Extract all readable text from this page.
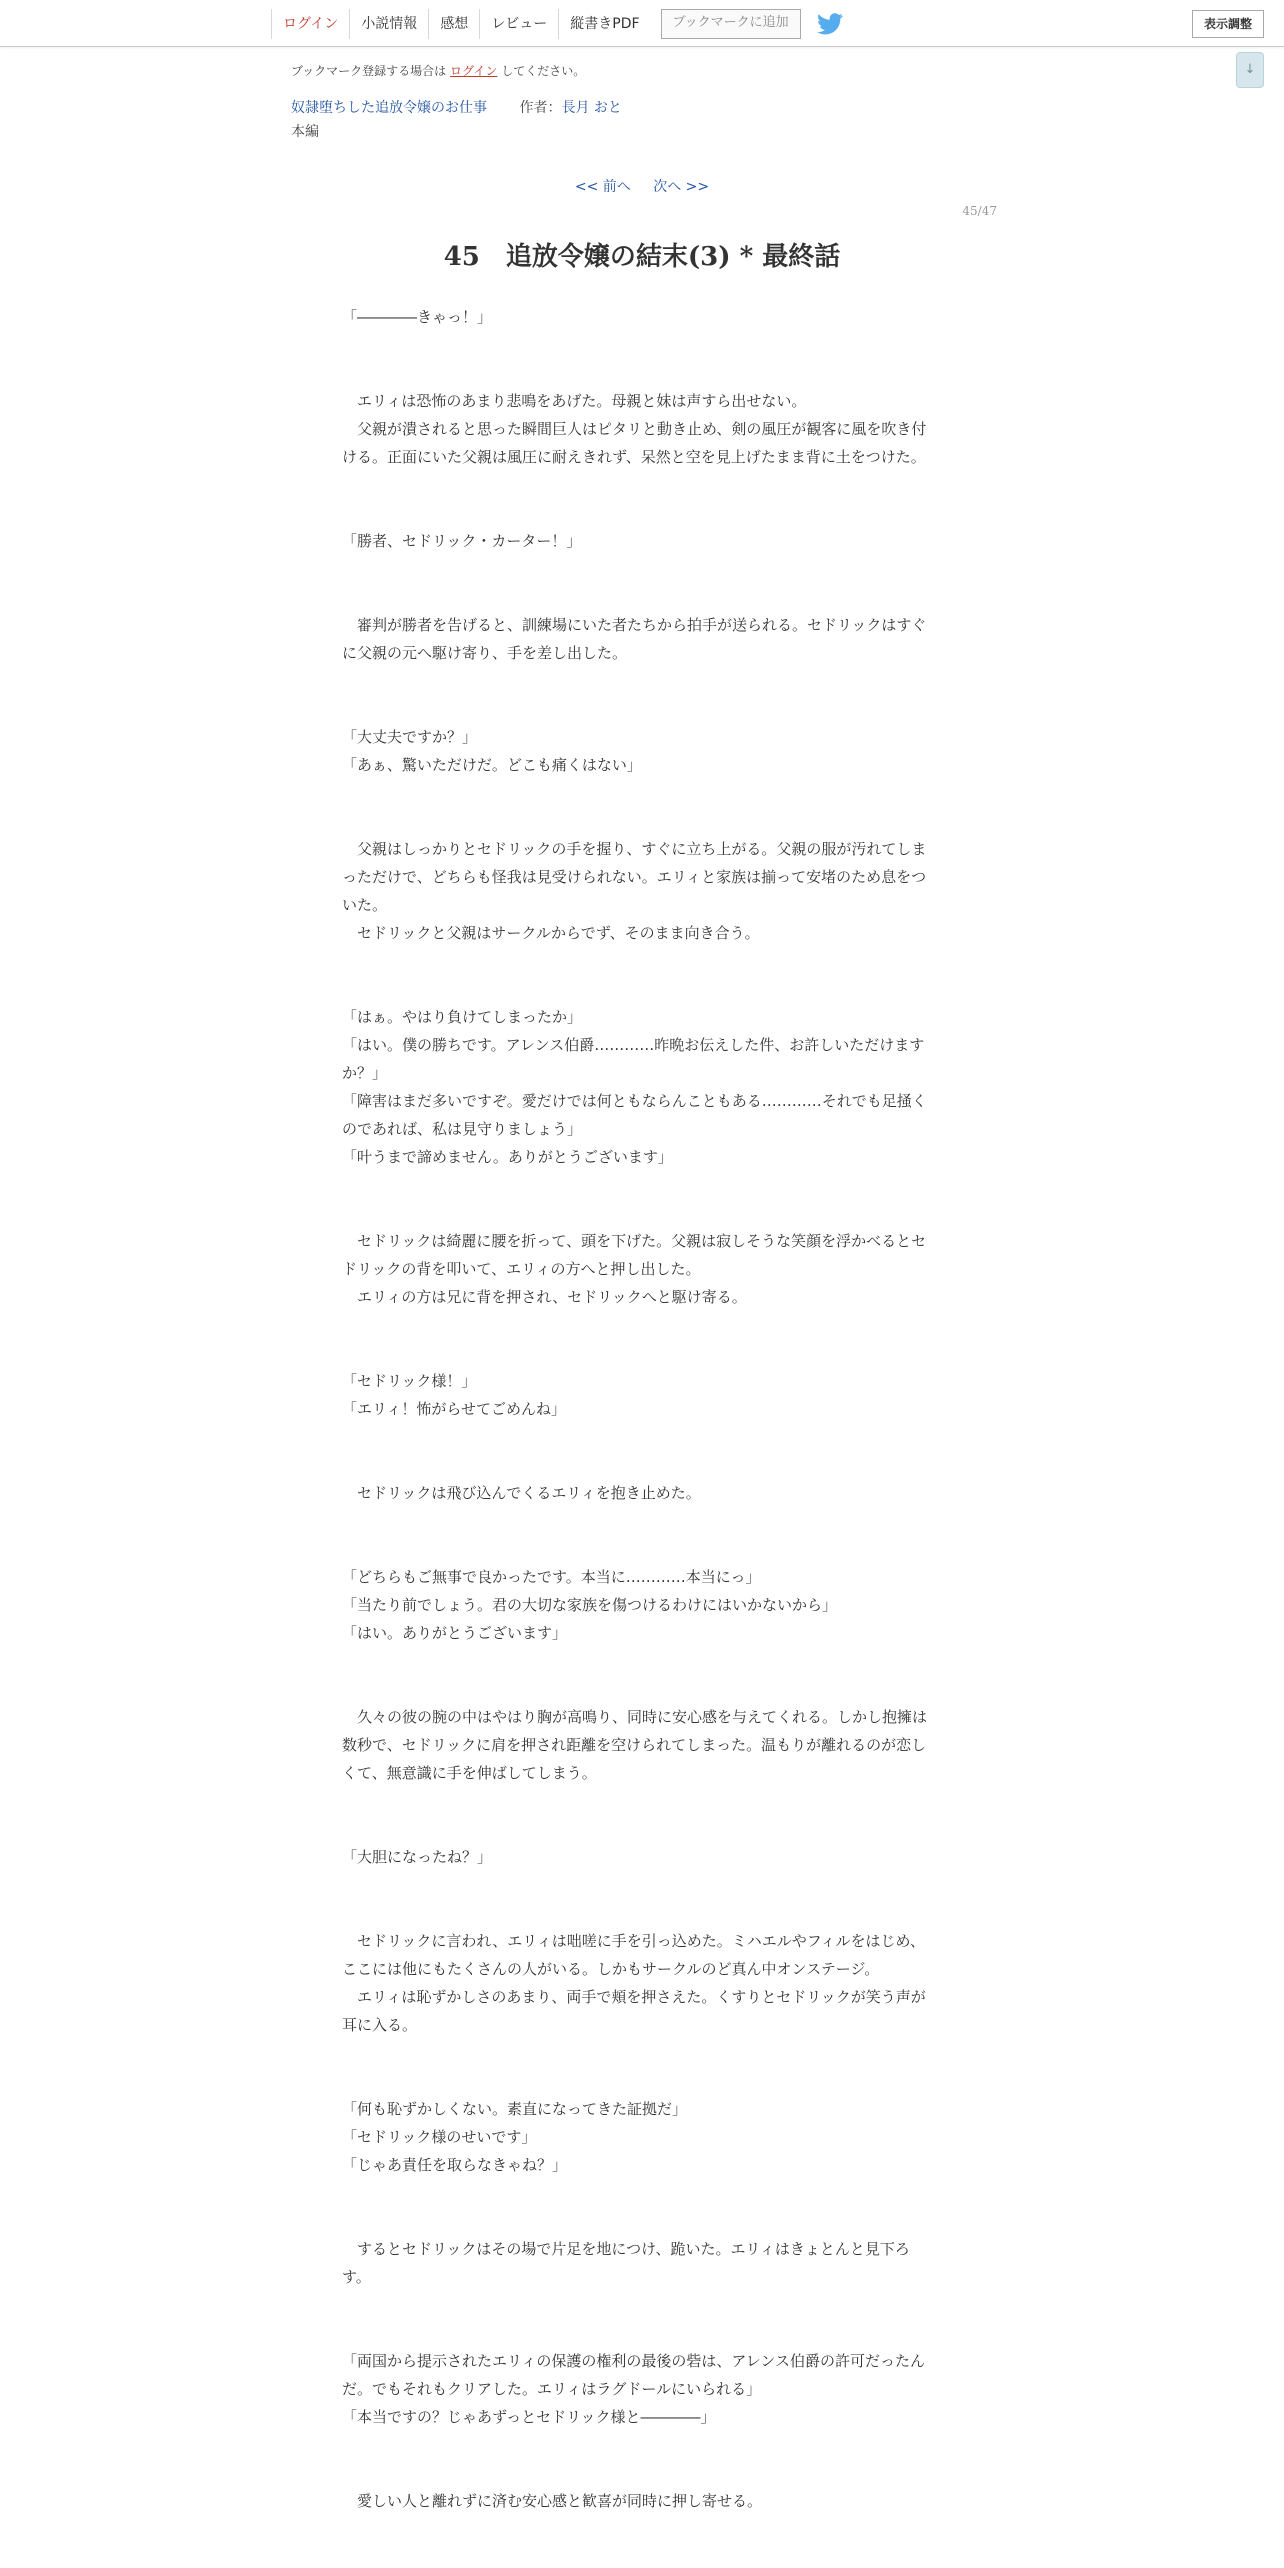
ログイン	小説情報	感想	レビュー	縦書きPDF	ブックマークに追加	表示調整
↓
ブックマーク登録する場合は ログイン してください。
奴隷堕ちした追放令嬢のお仕事 作者：長月 おと
本編
<< 前へ 次へ >>
45/47
45　追放令嬢の結末(3) * 最終話

「――――きゃっ！」

　エリィは恐怖のあまり悲鳴をあげた。母親と妹は声すら出せない。

　父親が潰されると思った瞬間巨人はピタリと動き止め、剣の風圧が観客に風を吹き付ける。正面にいた父親は風圧に耐えきれず、呆然と空を見上げたまま背に土をつけた。

「勝者、セドリック・カーター！」

　審判が勝者を告げると、訓練場にいた者たちから拍手が送られる。セドリックはすぐに父親の元へ駆け寄り、手を差し出した。

「大丈夫ですか？」

「あぁ、驚いただけだ。どこも痛くはない」

　父親はしっかりとセドリックの手を握り、すぐに立ち上がる。父親の服が汚れてしまっただけで、どちらも怪我は見受けられない。エリィと家族は揃って安堵のため息をついた。

　セドリックと父親はサークルからでず、そのまま向き合う。

「はぁ。やはり負けてしまったか」

「はい。僕の勝ちです。アレンス伯爵…………昨晩お伝えした件、お許しいただけますか？」

「障害はまだ多いですぞ。愛だけでは何ともならんこともある…………それでも足掻くのであれば、私は見守りましょう」

「叶うまで諦めません。ありがとうございます」

　セドリックは綺麗に腰を折って、頭を下げた。父親は寂しそうな笑顔を浮かべるとセドリックの背を叩いて、エリィの方へと押し出した。

　エリィの方は兄に背を押され、セドリックへと駆け寄る。

「セドリック様！」

「エリィ！怖がらせてごめんね」

　セドリックは飛び込んでくるエリィを抱き止めた。

「どちらもご無事で良かったです。本当に…………本当にっ」

「当たり前でしょう。君の大切な家族を傷つけるわけにはいかないから」

「はい。ありがとうございます」

　久々の彼の腕の中はやはり胸が高鳴り、同時に安心感を与えてくれる。しかし抱擁は数秒で、セドリックに肩を押され距離を空けられてしまった。温もりが離れるのが恋しくて、無意識に手を伸ばしてしまう。

「大胆になったね？」

　セドリックに言われ、エリィは咄嗟に手を引っ込めた。ミハエルやフィルをはじめ、ここには他にもたくさんの人がいる。しかもサークルのど真ん中オンステージ。

　エリィは恥ずかしさのあまり、両手で頬を押さえた。くすりとセドリックが笑う声が耳に入る。

「何も恥ずかしくない。素直になってきた証拠だ」

「セドリック様のせいです」

「じゃあ責任を取らなきゃね？」

　するとセドリックはその場で片足を地につけ、跪いた。エリィはきょとんと見下ろす。

「両国から提示されたエリィの保護の権利の最後の砦は、アレンス伯爵の許可だったんだ。でもそれもクリアした。エリィはラグドールにいられる」

「本当ですの？じゃあずっとセドリック様と――――」

　愛しい人と離れずに済む安心感と歓喜が同時に押し寄せる。
